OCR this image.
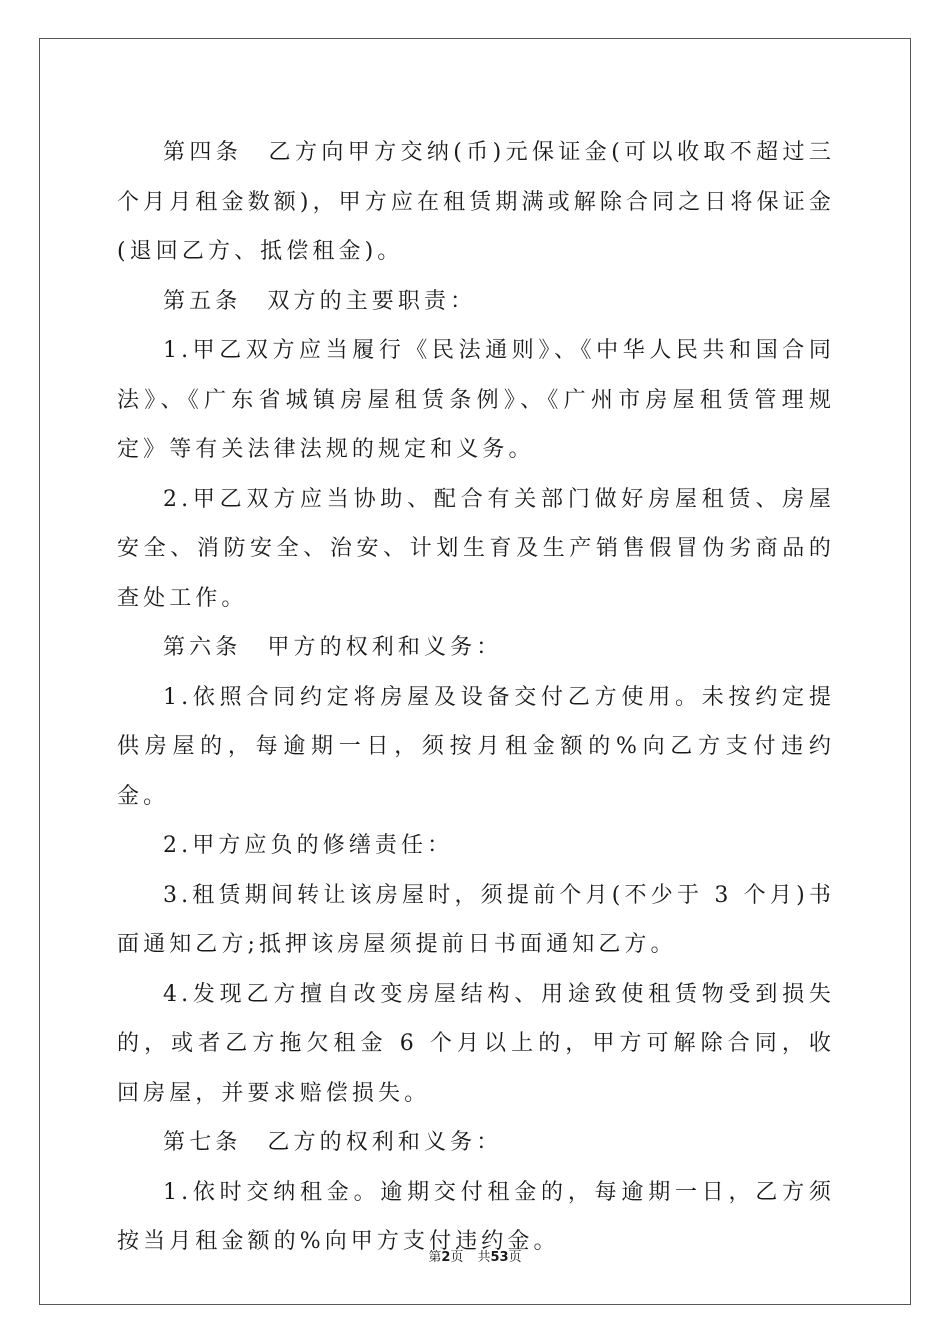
第四条　乙方向甲方交纳(币)元保证金(可以收取不超过三个月月租金数额)，甲方应在租赁期满或解除合同之日将保证金(退回乙方、抵偿租金)。

第五条　双方的主要职责：

1.甲乙双方应当履行《民法通则》、《中华人民共和国合同法》、《广东省城镇房屋租赁条例》、《广州市房屋租赁管理规定》等有关法律法规的规定和义务。

2.甲乙双方应当协助、配合有关部门做好房屋租赁、房屋安全、消防安全、治安、计划生育及生产销售假冒伪劣商品的查处工作。

第六条　甲方的权利和义务：

1.依照合同约定将房屋及设备交付乙方使用。未按约定提供房屋的，每逾期一日，须按月租金额的%向乙方支付违约金。

2.甲方应负的修缮责任：

3.租赁期间转让该房屋时，须提前个月(不少于 3 个月)书面通知乙方;抵押该房屋须提前日书面通知乙方。

4.发现乙方擅自改变房屋结构、用途致使租赁物受到损失的，或者乙方拖欠租金 6 个月以上的，甲方可解除合同，收回房屋，并要求赔偿损失。

第七条　乙方的权利和义务：

1.依时交纳租金。逾期交付租金的，每逾期一日，乙方须按当月租金额的%向甲方支付违约金。

第2页 共53页
